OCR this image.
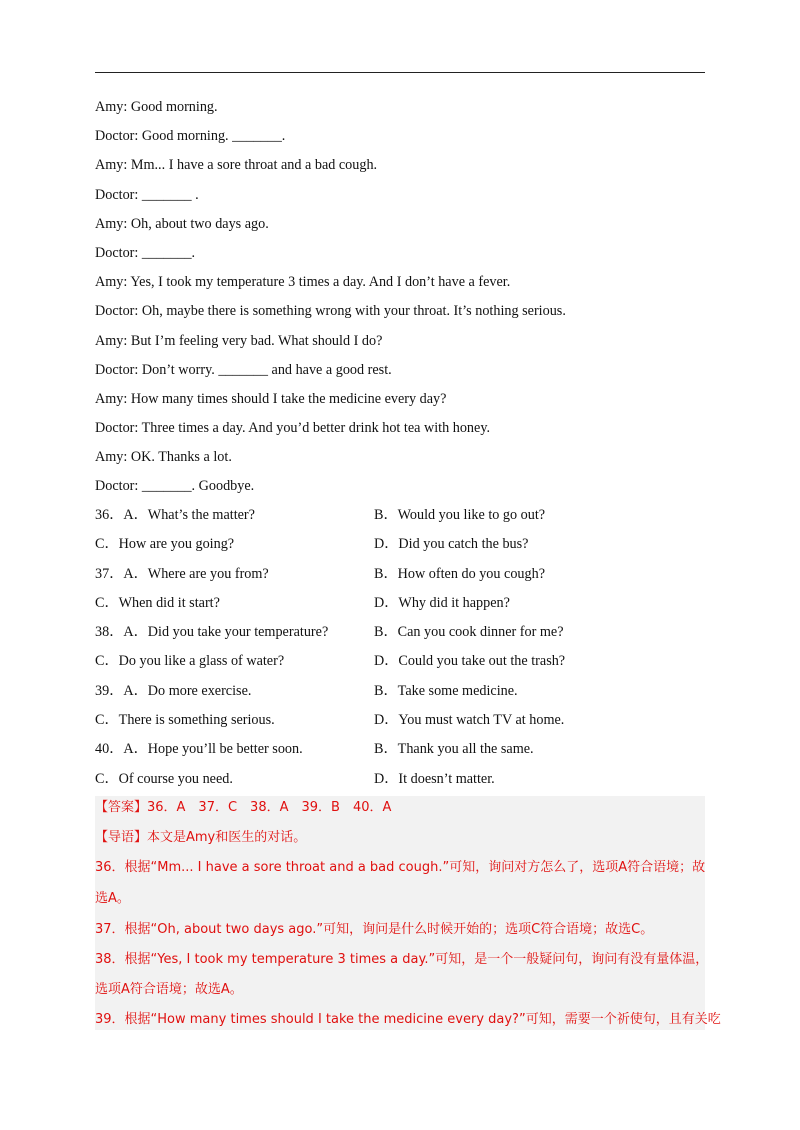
Amy: Good morning.
Doctor: Good morning. _______.
Amy: Mm... I have a sore throat and a bad cough.
Doctor: _______ .
Amy: Oh, about two days ago.
Doctor: _______.
Amy: Yes, I took my temperature 3 times a day. And I don’t have a fever.
Doctor: Oh, maybe there is something wrong with your throat. It’s nothing serious.
Amy: But I’m feeling very bad. What should I do?
Doctor: Don’t worry. _______ and have a good rest.
Amy: How many times should I take the medicine every day?
Doctor: Three times a day. And you’d better drink hot tea with honey.
Amy: OK. Thanks a lot.
Doctor: _______. Goodbye.
36．A．What’s the matter?	B．Would you like to go out?
C．How are you going?	D．Did you catch the bus?
37．A．Where are you from?	B．How often do you cough?
C．When did it start?	D．Why did it happen?
38．A．Did you take your temperature?	B．Can you cook dinner for me?
C．Do you like a glass of water?	D．Could you take out the trash?
39．A．Do more exercise.	B．Take some medicine.
C．There is something serious.	D．You must watch TV at home.
40．A．Hope you’ll be better soon.	B．Thank you all the same.
C．Of course you need.	D．It doesn’t matter.
【答案】36．A　37．C　38．A　39．B　40．A
【导语】本文是Amy和医生的对话。
36．根据“Mm... I have a sore throat and a bad cough.”可知，询问对方怎么了，选项A符合语境；故
选A。
37．根据“Oh, about two days ago.”可知，询问是什么时候开始的；选项C符合语境；故选C。
38．根据“Yes, I took my temperature 3 times a day.”可知，是一个一般疑问句，询问有没有量体温，
选项A符合语境；故选A。
39．根据“How many times should I take the medicine every day?”可知，需要一个祈使句，且有关吃
